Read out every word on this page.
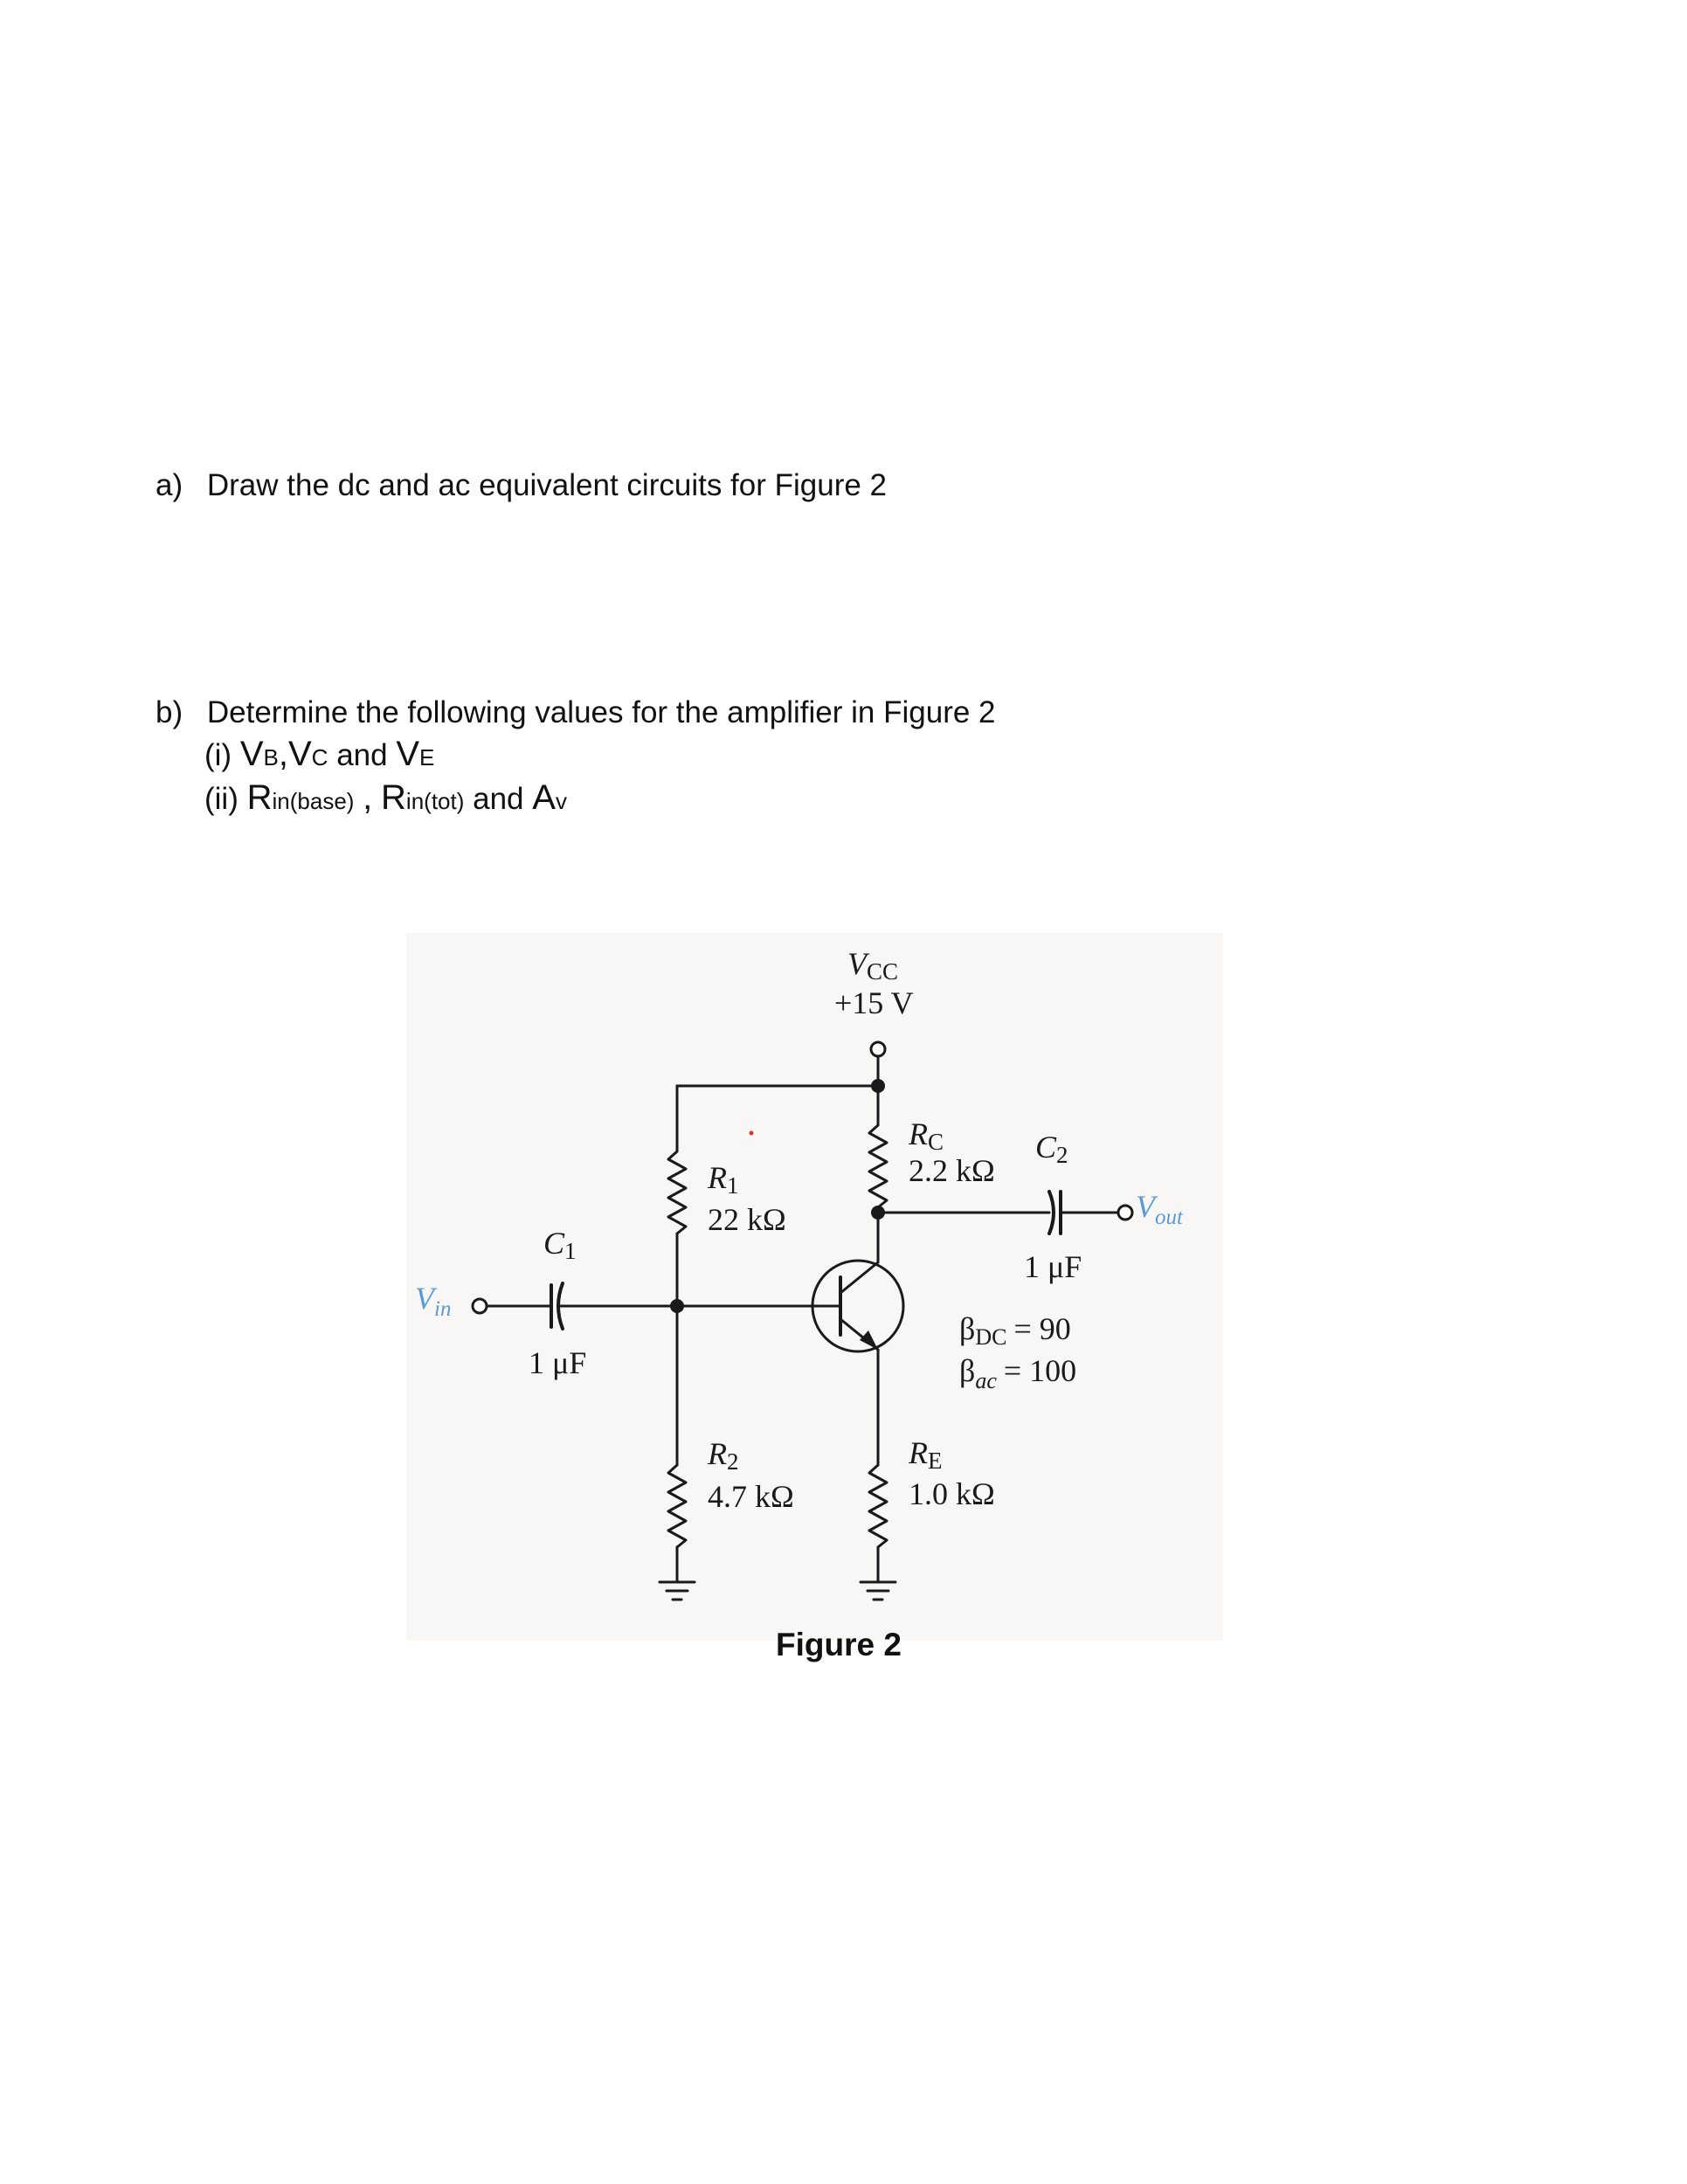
a) Draw the dc and ac equivalent circuits for Figure 2
b) Determine the following values for the amplifier in Figure 2
(i) VB,VC and VE
(ii) Rin(base) , Rin(tot) and Av
VCC
+15 V
R1
22 kΩ
R2
4.7 kΩ
RC
2.2 kΩ
RE
1.0 kΩ
C1
1 μF
C2
1 μF
$V_{in}$
$V_{out}$
βDC = 90
$\beta_{ac} = 100$
Figure 2
